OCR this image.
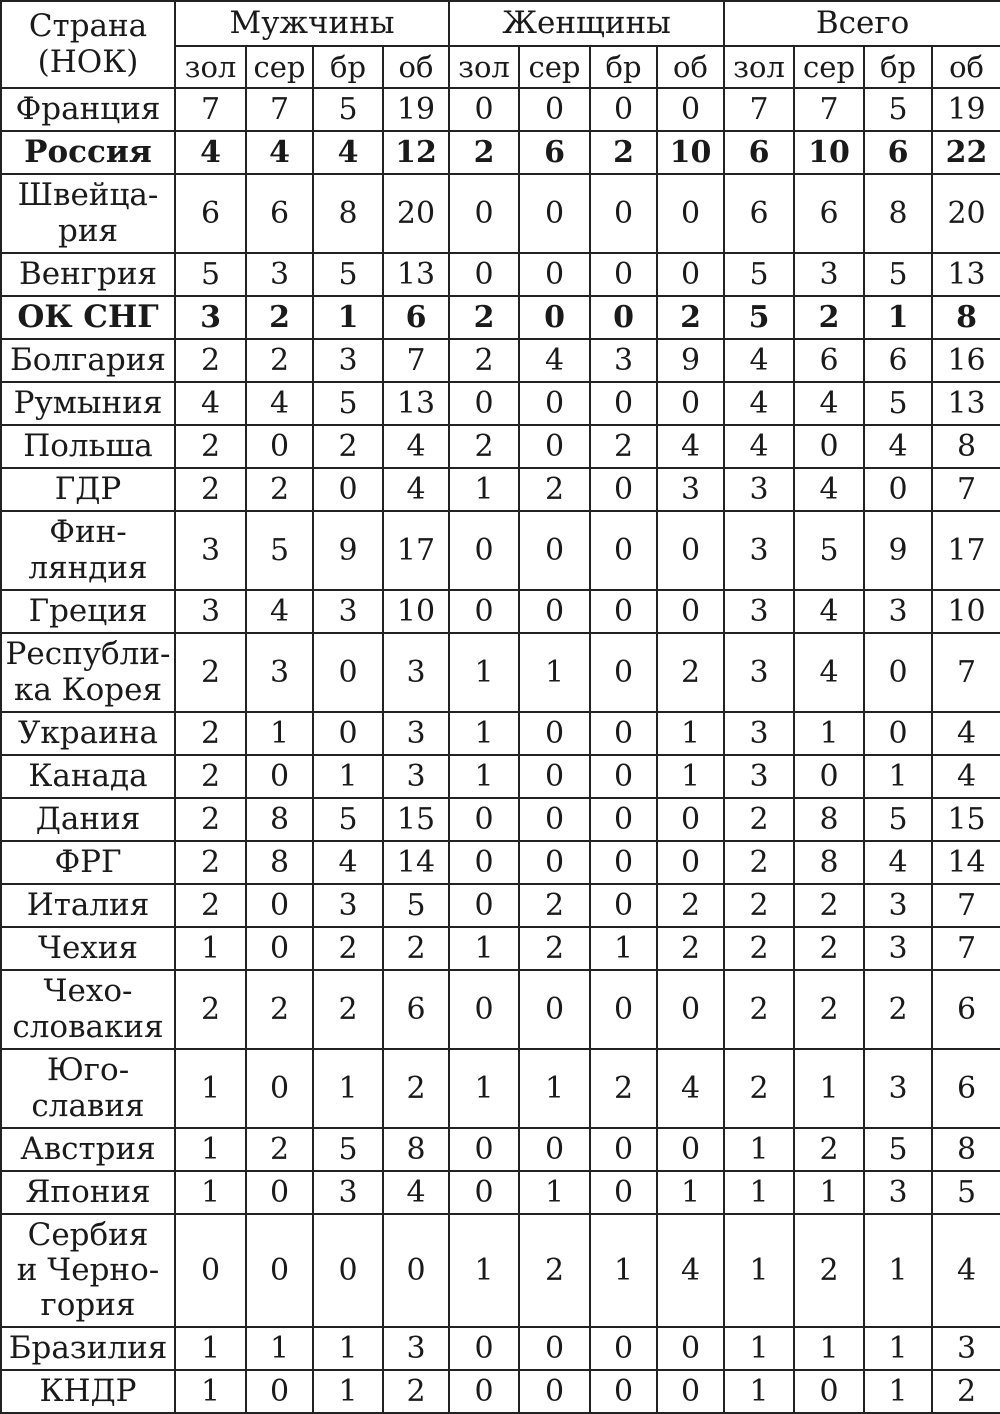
Страна
(НОК)	Мужчины				Женщины				Всего			
	зол	сер	бр	об	зол	сер	бр	об	зол	сер	бр	об

Франция	7	7	5	19	0	0	0	0	7	7	5	19

Россия	4	4	4	12	2	6	2	10	6	10	6	22

Швейца-
рия	6	6	8	20	0	0	0	0	6	6	8	20

Венгрия	5	3	5	13	0	0	0	0	5	3	5	13

ОК СНГ	3	2	1	6	2	0	0	2	5	2	1	8

Болгария	2	2	3	7	2	4	3	9	4	6	6	16

Румыния	4	4	5	13	0	0	0	0	4	4	5	13

Польша	2	0	2	4	2	0	2	4	4	0	4	8

ГДР	2	2	0	4	1	2	0	3	3	4	0	7

Фин-
ляндия	3	5	9	17	0	0	0	0	3	5	9	17

Греция	3	4	3	10	0	0	0	0	3	4	3	10

Республи-
ка Корея	2	3	0	3	1	1	0	2	3	4	0	7

Украина	2	1	0	3	1	0	0	1	3	1	0	4

Канада	2	0	1	3	1	0	0	1	3	0	1	4

Дания	2	8	5	15	0	0	0	0	2	8	5	15

ФРГ	2	8	4	14	0	0	0	0	2	8	4	14

Италия	2	0	3	5	0	2	0	2	2	2	3	7

Чехия	1	0	2	2	1	2	1	2	2	2	3	7

Чехо-
словакия	2	2	2	6	0	0	0	0	2	2	2	6

Юго-
славия	1	0	1	2	1	1	2	4	2	1	3	6

Австрия	1	2	5	8	0	0	0	0	1	2	5	8

Япония	1	0	3	4	0	1	0	1	1	1	3	5

Сербия
и Черно-
гория	0	0	0	0	1	2	1	4	1	2	1	4

Бразилия	1	1	1	3	0	0	0	0	1	1	1	3

КНДР	1	0	1	2	0	0	0	0	1	0	1	2
